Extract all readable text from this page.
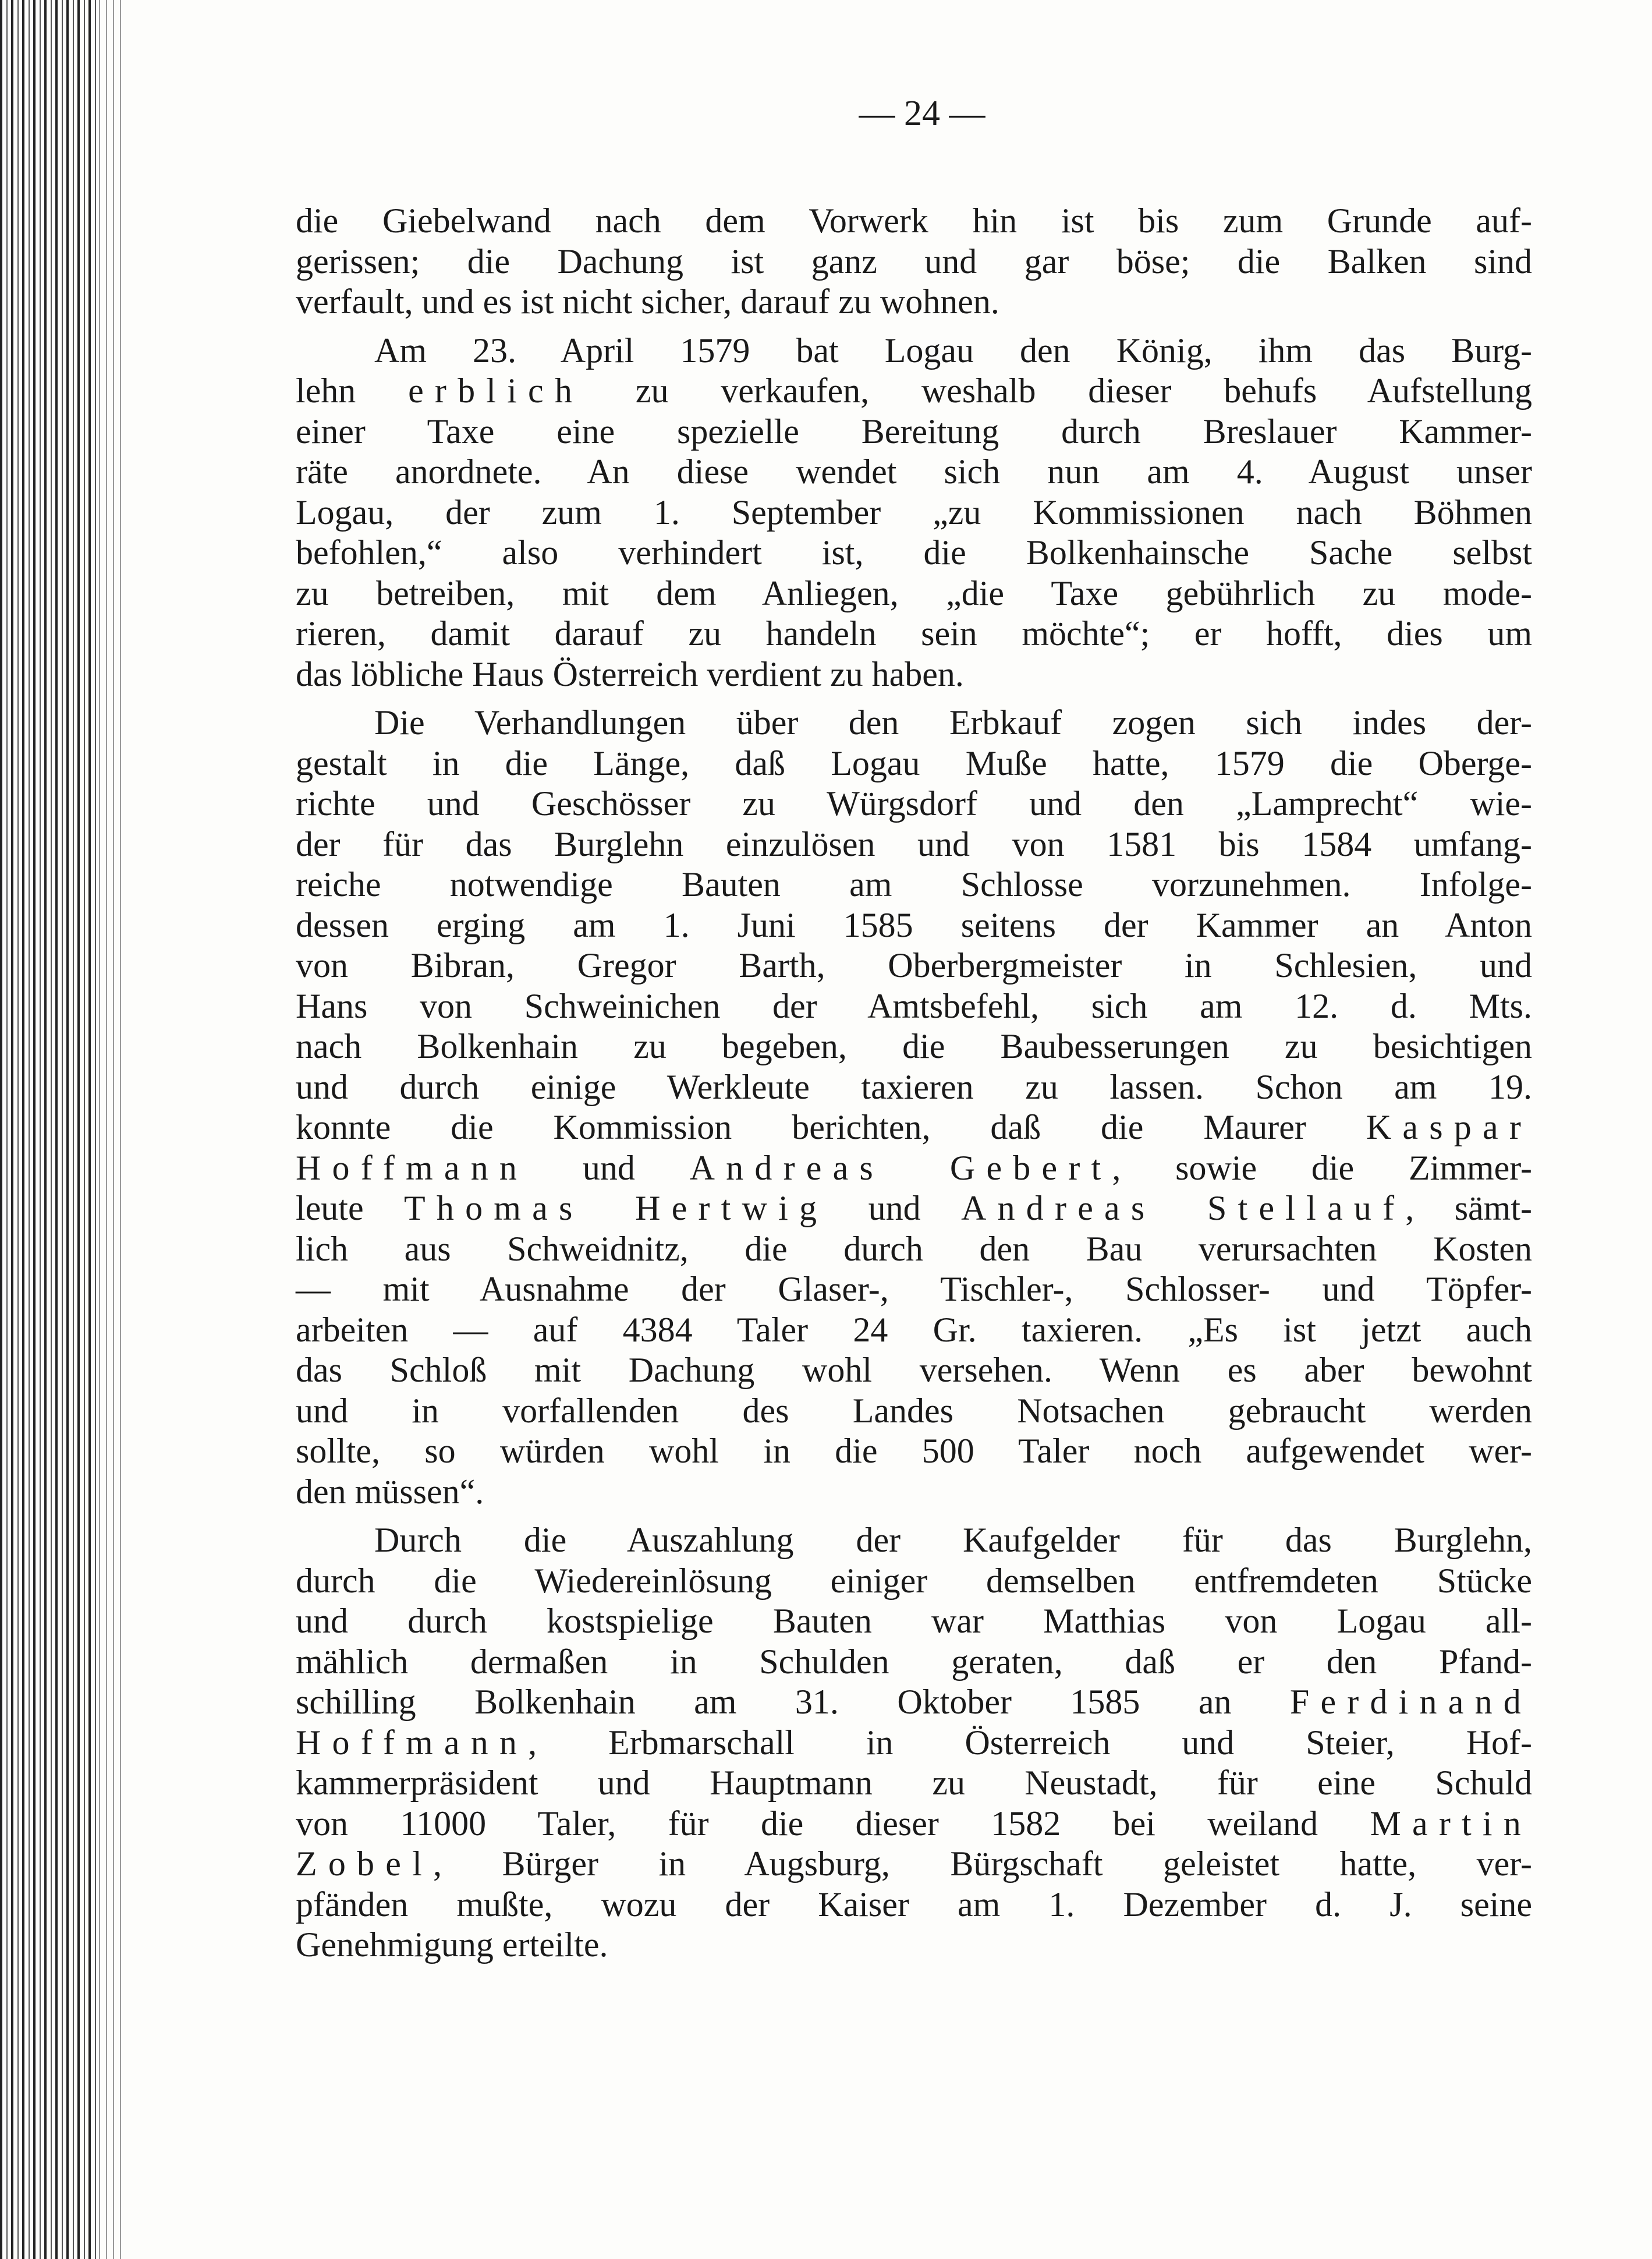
— 24 —
die Giebelwand nach dem Vorwerk hin ist bis zum Grunde auf-
gerissen; die Dachung ist ganz und gar böse; die Balken sind
verfault, und es ist nicht sicher, darauf zu wohnen.
Am 23. April 1579 bat Logau den König, ihm das Burg-
lehn erblich zu verkaufen, weshalb dieser behufs Aufstellung
einer Taxe eine spezielle Bereitung durch Breslauer Kammer-
räte anordnete. An diese wendet sich nun am 4. August unser
Logau, der zum 1. September „zu Kommissionen nach Böhmen
befohlen,“ also verhindert ist, die Bolkenhainsche Sache selbst
zu betreiben, mit dem Anliegen, „die Taxe gebührlich zu mode-
rieren, damit darauf zu handeln sein möchte“; er hofft, dies um
das löbliche Haus Österreich verdient zu haben.
Die Verhandlungen über den Erbkauf zogen sich indes der-
gestalt in die Länge, daß Logau Muße hatte, 1579 die Oberge-
richte und Geschösser zu Würgsdorf und den „Lamprecht“ wie-
der für das Burglehn einzulösen und von 1581 bis 1584 umfang-
reiche notwendige Bauten am Schlosse vorzunehmen. Infolge-
dessen erging am 1. Juni 1585 seitens der Kammer an Anton
von Bibran, Gregor Barth, Oberbergmeister in Schlesien, und
Hans von Schweinichen der Amtsbefehl, sich am 12. d. Mts.
nach Bolkenhain zu begeben, die Baubesserungen zu besichtigen
und durch einige Werkleute taxieren zu lassen. Schon am 19.
konnte die Kommission berichten, daß die Maurer Kaspar
Hoffmann und Andreas Gebert, sowie die Zimmer-
leute Thomas Hertwig und Andreas Stellauf, sämt-
lich aus Schweidnitz, die durch den Bau verursachten Kosten
— mit Ausnahme der Glaser-, Tischler-, Schlosser- und Töpfer-
arbeiten — auf 4384 Taler 24 Gr. taxieren. „Es ist jetzt auch
das Schloß mit Dachung wohl versehen. Wenn es aber bewohnt
und in vorfallenden des Landes Notsachen gebraucht werden
sollte, so würden wohl in die 500 Taler noch aufgewendet wer-
den müssen“.
Durch die Auszahlung der Kaufgelder für das Burglehn,
durch die Wiedereinlösung einiger demselben entfremdeten Stücke
und durch kostspielige Bauten war Matthias von Logau all-
mählich dermaßen in Schulden geraten, daß er den Pfand-
schilling Bolkenhain am 31. Oktober 1585 an Ferdinand
Hoffmann, Erbmarschall in Österreich und Steier, Hof-
kammerpräsident und Hauptmann zu Neustadt, für eine Schuld
von 11000 Taler, für die dieser 1582 bei weiland Martin
Zobel, Bürger in Augsburg, Bürgschaft geleistet hatte, ver-
pfänden mußte, wozu der Kaiser am 1. Dezember d. J. seine
Genehmigung erteilte.
